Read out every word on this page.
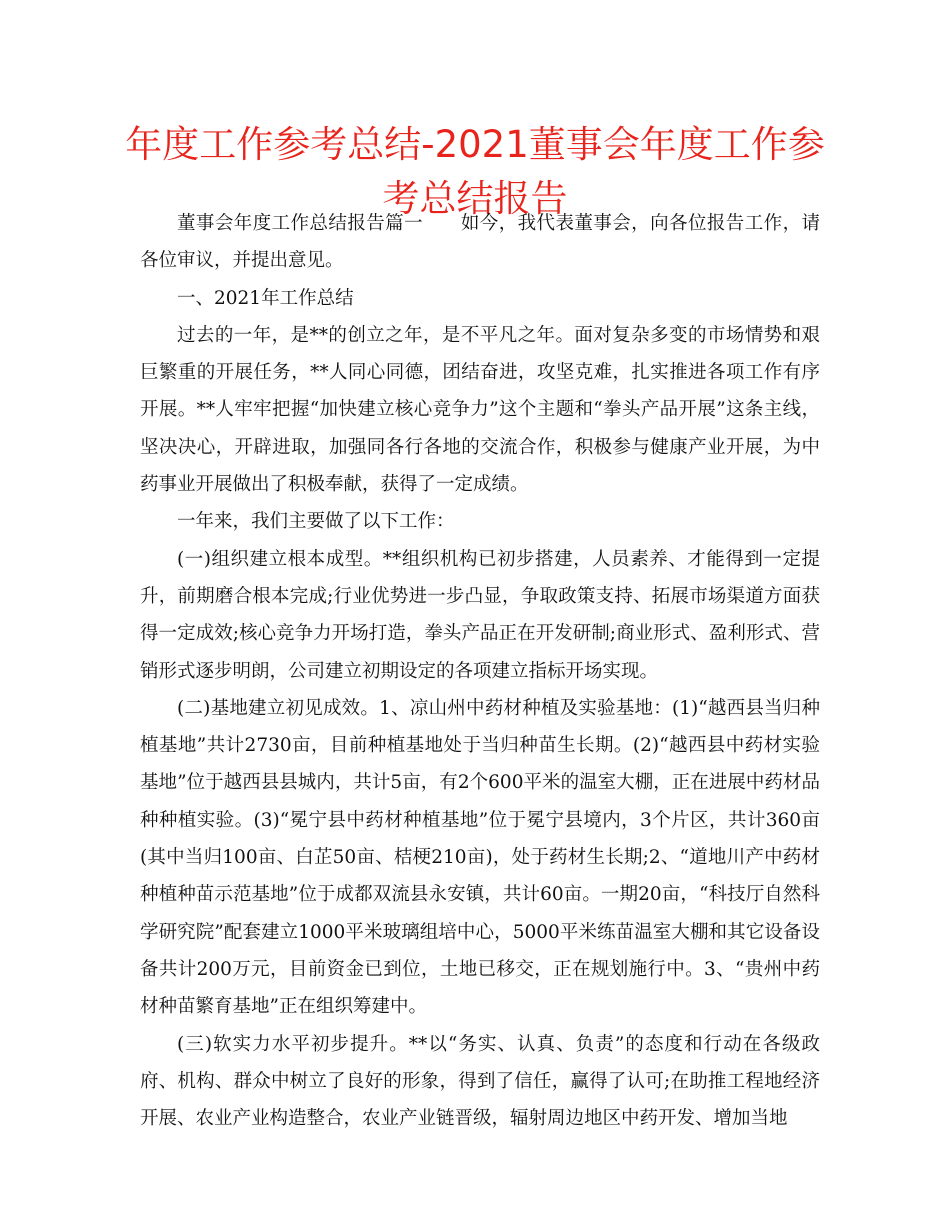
年度工作参考总结-2021董事会年度工作参考总结报告

董事会年度工作总结报告篇一　　如今，我代表董事会，向各位报告工作，请各位审议，并提出意见。

一、2021年工作总结

过去的一年，是**的创立之年，是不平凡之年。面对复杂多变的市场情势和艰巨繁重的开展任务，**人同心同德，团结奋进，攻坚克难，扎实推进各项工作有序开展。**人牢牢把握“加快建立核心竞争力”这个主题和“拳头产品开展”这条主线，坚决决心，开辟进取，加强同各行各地的交流合作，积极参与健康产业开展，为中药事业开展做出了积极奉献，获得了一定成绩。

一年来，我们主要做了以下工作：

(一)组织建立根本成型。**组织机构已初步搭建，人员素养、才能得到一定提升，前期磨合根本完成;行业优势进一步凸显，争取政策支持、拓展市场渠道方面获得一定成效;核心竞争力开场打造，拳头产品正在开发研制;商业形式、盈利形式、营销形式逐步明朗，公司建立初期设定的各项建立指标开场实现。

(二)基地建立初见成效。1、凉山州中药材种植及实验基地：(1)“越西县当归种植基地”共计2730亩，目前种植基地处于当归种苗生长期。(2)“越西县中药材实验基地”位于越西县县城内，共计5亩，有2个600平米的温室大棚，正在进展中药材品种种植实验。(3)“冕宁县中药材种植基地”位于冕宁县境内，3个片区，共计360亩(其中当归100亩、白芷50亩、桔梗210亩)，处于药材生长期;2、“道地川产中药材种植种苗示范基地”位于成都双流县永安镇，共计60亩。一期20亩，“科技厅自然科学研究院”配套建立1000平米玻璃组培中心，5000平米练苗温室大棚和其它设备设备共计200万元，目前资金已到位，土地已移交，正在规划施行中。3、“贵州中药材种苗繁育基地”正在组织筹建中。

(三)软实力水平初步提升。**以“务实、认真、负责”的态度和行动在各级政府、机构、群众中树立了良好的形象，得到了信任，赢得了认可;在助推工程地经济开展、农业产业构造整合，农业产业链晋级，辐射周边地区中药开发、增加当地
